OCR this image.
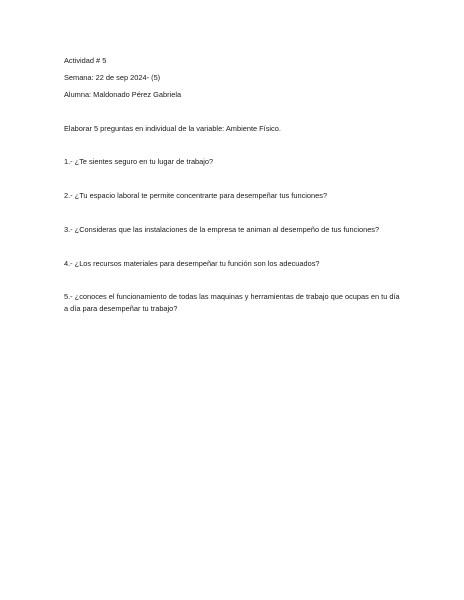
Actividad # 5
Semana: 22 de sep 2024- (5)
Alumna: Maldonado Pérez Gabriela
Elaborar 5 preguntas en individual de la variable: Ambiente Físico.
1.- ¿Te sientes seguro en tu lugar de trabajo?
2.- ¿Tu espacio laboral te permite concentrarte para desempeñar tus funciones?
3.- ¿Consideras que las instalaciones de la empresa te animan al desempeño de tus funciones?
4.- ¿Los recursos materiales para desempeñar tu función son los adecuados?
5.- ¿conoces el funcionamiento de todas las maquinas y herramientas de trabajo que ocupas en tu día a día para desempeñar tu trabajo?
